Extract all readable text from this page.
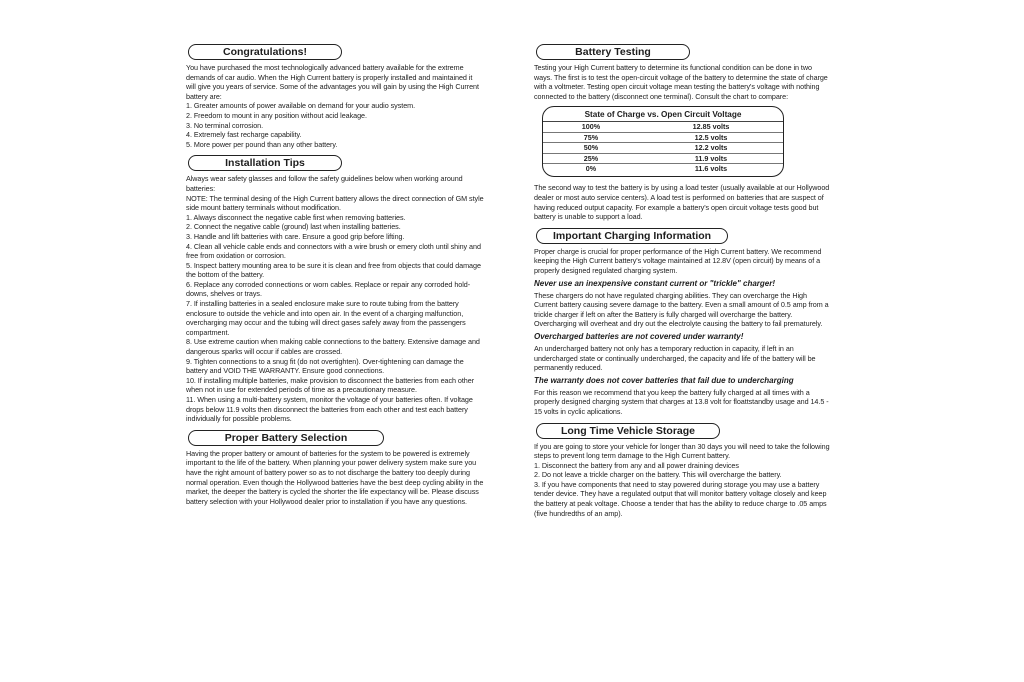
Congratulations!

You have purchased the most technologically advanced battery available for the extreme demands of car audio. When the High Current battery is properly installed and maintained it will give you years of service. Some of the advantages you will gain by using the High Current battery are:

1. Greater amounts of power available on demand for your audio system.
2. Freedom to mount in any position without acid leakage.
3. No terminal corrosion.
4. Extremely fast recharge capability.
5. More power per pound than any other battery.
Installation Tips

Always wear safety glasses and follow the safety guidelines below when working around batteries:

NOTE: The terminal desing of the High Current battery allows the direct connection of GM style side mount battery terminals without modification.

1. Always disconnect the negative cable first when removing batteries.
2. Connect the negative cable (ground) last when installing batteries.
3. Handle and lift batteries with care. Ensure a good grip before lifting.
4. Clean all vehicle cable ends and connectors with a wire brush or emery cloth until shiny and free from oxidation or corrosion.
5. Inspect battery mounting area to be sure it is clean and free from objects that could damage the bottom of the battery.
6. Replace any corroded connections or worn cables. Replace or repair any corroded hold-downs, shelves or trays.
7. If installing batteries in a sealed enclosure make sure to route tubing from the battery enclosure to outside the vehicle and into open air. In the event of a charging malfunction, overcharging may occur and the tubing will direct gases safely away from the passengers compartment.
8. Use extreme caution when making cable connections to the battery. Extensive damage and dangerous sparks will occur if cables are crossed.
9. Tighten connections to a snug fit (do not overtighten). Over-tightening can damage the battery and VOID THE WARRANTY. Ensure good connections.
10. If installing multiple batteries, make provision to disconnect the batteries from each other when not in use for extended periods of time as a precautionary measure.
11. When using a multi-battery system, monitor the voltage of your batteries often. If voltage drops below 11.9 volts then disconnect the batteries from each other and test each battery individually for possible problems.
Proper Battery Selection

Having the proper battery or amount of batteries for the system to be powered is extremely important to the life of the battery. When planning your power delivery system make sure you have the right amount of battery power so as to not discharge the battery too deeply during normal operation. Even though the Hollywood batteries have the best deep cycling ability in the market, the deeper the battery is cycled the shorter the life expectancy will be. Please discuss battery selection with your Hollywood dealer prior to installation if you have any questions.

Battery Testing

Testing your High Current battery to determine its functional condition can be done in two ways. The first is to test the open-circuit voltage of the battery to determine the state of charge with a voltmeter. Testing open circuit voltage mean testing the battery's voltage with nothing connected to the battery (disconnect one terminal). Consult the chart to compare:

State of Charge vs. Open Circuit Voltage
100%	12.85 volts
75%	12.5 volts
50%	12.2 volts
25%	11.9 volts
0%	11.6 volts

The second way to test the battery is by using a load tester (usually available at our Hollywood dealer or most auto service centers). A load test is performed on batteries that are suspect of having reduced output capacity. For example a battery's open circuit voltage tests good but battery is unable to support a load.

Important Charging Information

Proper charge is crucial for proper performance of the High Current battery. We recommend keeping the High Current battery's voltage maintained at 12.8V (open circuit) by means of a properly designed regulated charging system.

Never use an inexpensive constant current or "trickle" charger!

These chargers do not have regulated charging abilities. They can overcharge the High Current battery causing severe damage to the battery. Even a small amount of 0.5 amp from a trickle charger if left on after the Battery is fully charged will overcharge the battery. Overcharging will overheat and dry out the electrolyte causing the battery to fail prematurely.

Overcharged batteries are not covered under warranty!

An undercharged battery not only has a temporary reduction in capacity, if left in an undercharged state or continually undercharged, the capacity and life of the battery will be permanently reduced.

The warranty does not cover batteries that fail due to undercharging

For this reason we recommend that you keep the battery fully charged at all times with a properly designed charging system that charges at 13.8 volt for floattstandby usage and 14.5 - 15 volts in cyclic aplications.

Long Time Vehicle Storage

If you are going to store your vehicle for longer than 30 days you will need to take the following steps to prevent long term damage to the High Current battery.

1. Disconnect the battery from any and all power draining devices
2. Do not leave a trickle charger on the battery. This will overcharge the battery.
3. If you have components that need to stay powered during storage you may use a battery tender device. They have a regulated output that will monitor battery voltage closely and keep the battery at peak voltage. Choose a tender that has the ability to reduce charge to .05 amps (five hundredths of an amp).
